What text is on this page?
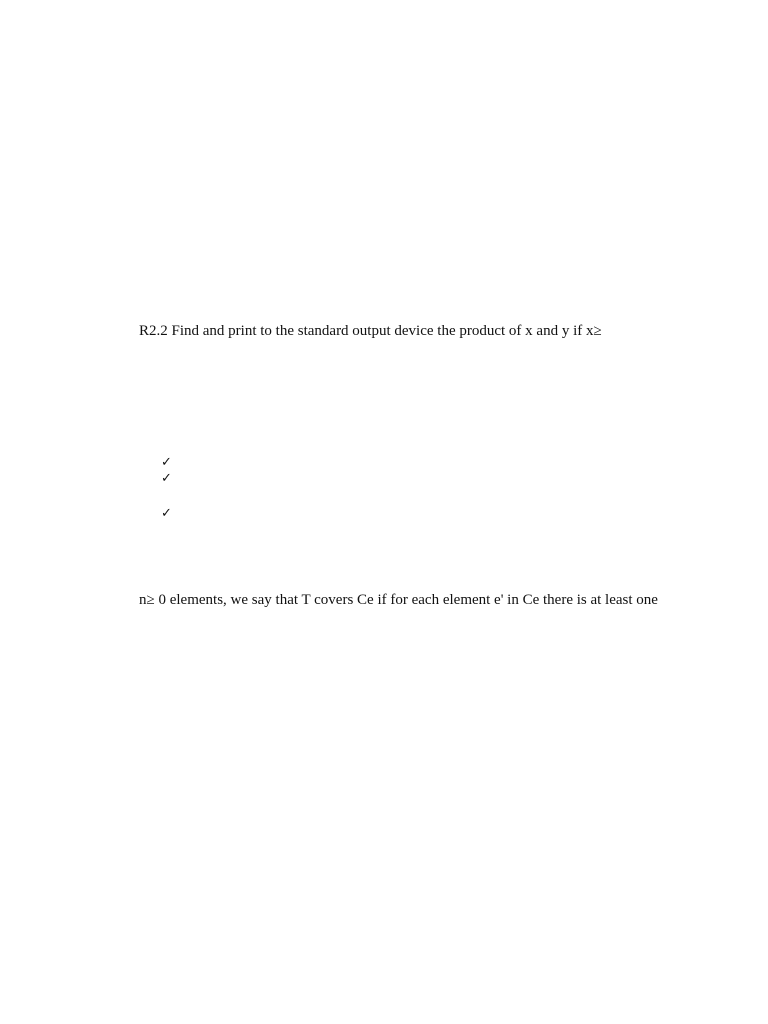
R2.2 Find and print to the standard output device the product of x and y if x≥
✓
✓
✓
n≥ 0 elements, we say that T covers Ce if for each element e' in Ce there is at least one
